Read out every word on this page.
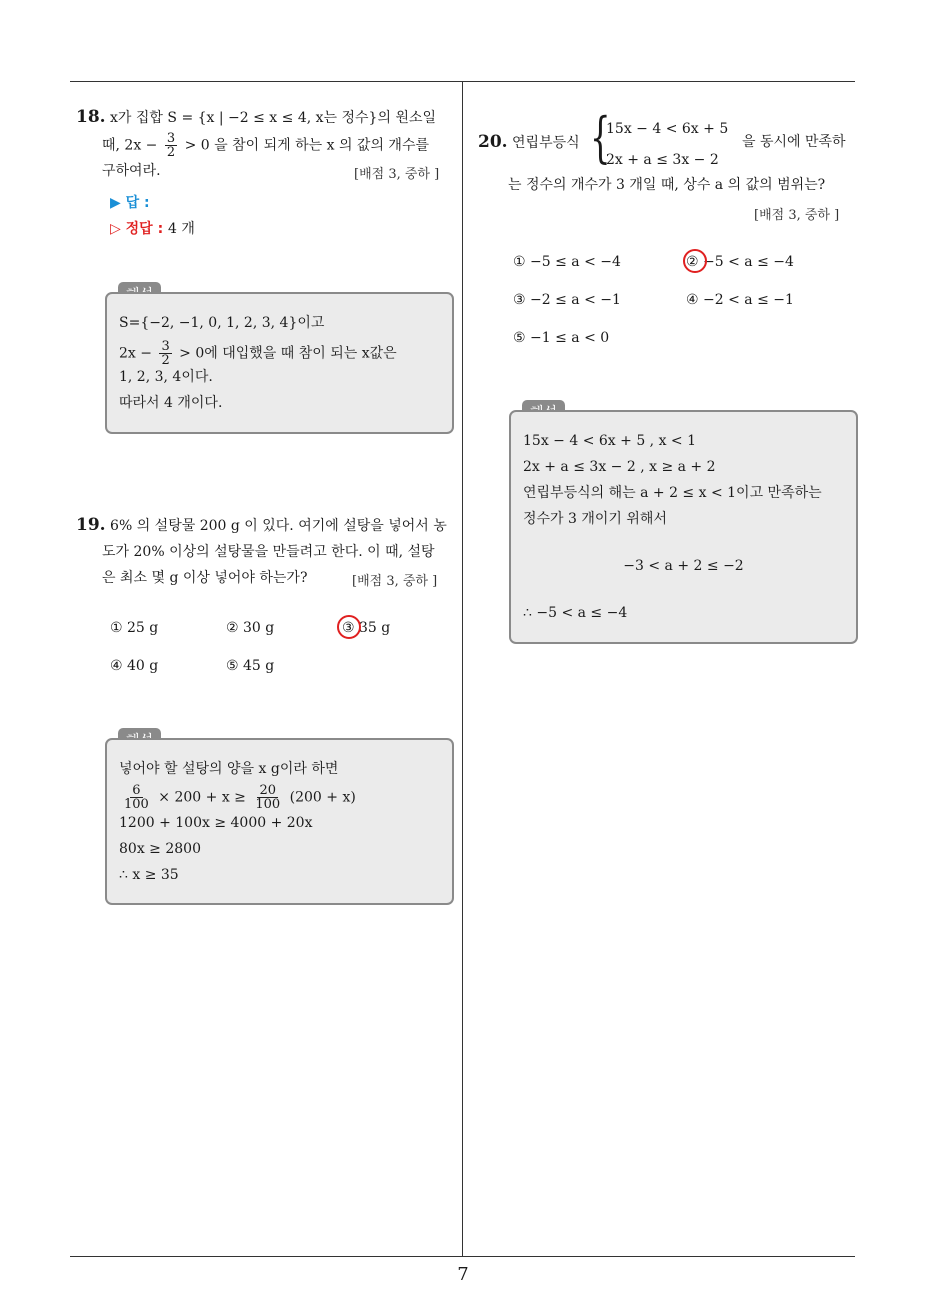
7
18. x가 집합 S = {x | −2 ≤ x ≤ 4, x는 정수}의 원소일
때, $2x - \frac{3}{2} > 0$ 을 참이 되게 하는 x 의 값의 개수를
구하여라.	[배점 3, 중하 ]
▶ 답 :
▷ 정답 : 4 개
S={−2, −1, 0, 1, 2, 3, 4}이고
$2x - \frac{3}{2} > 0$에 대입했을 때 참이 되는 x값은
1, 2, 3, 4이다.
따라서 4 개이다.
19. 6% 의 설탕물 200 g 이 있다. 여기에 설탕을 넣어서 농
도가 20% 이상의 설탕물을 만들려고 한다. 이 때, 설탕
은 최소 몇 g 이상 넣어야 하는가?	[배점 3, 중하 ]
① 25 g	② 30 g	③ 35 g
④ 40 g	⑤ 45 g
넣어야 할 설탕의 양을 x g이라 하면
$\frac{6}{100} \times 200 + x \ge \frac{20}{100} (200 + x)$
1200 + 100x ≥ 4000 + 20x
80x ≥ 2800
∴ x ≥ 35
20. 연립부등식 {
15x − 4 < 6x + 5
2x + a ≤ 3x − 2
을 동시에 만족하
는 정수의 개수가 3 개일 때, 상수 a 의 값의 범위는?
[배점 3, 중하 ]
① −5 ≤ a < −4	② −5 < a ≤ −4
③ −2 ≤ a < −1	④ −2 < a ≤ −1
⑤ −1 ≤ a < 0
15x − 4 < 6x + 5 , x < 1
2x + a ≤ 3x − 2 , x ≥ a + 2
연립부등식의 해는 a + 2 ≤ x < 1이고 만족하는
정수가 3 개이기 위해서
−3 < a + 2 ≤ −2
∴ −5 < a ≤ −4
